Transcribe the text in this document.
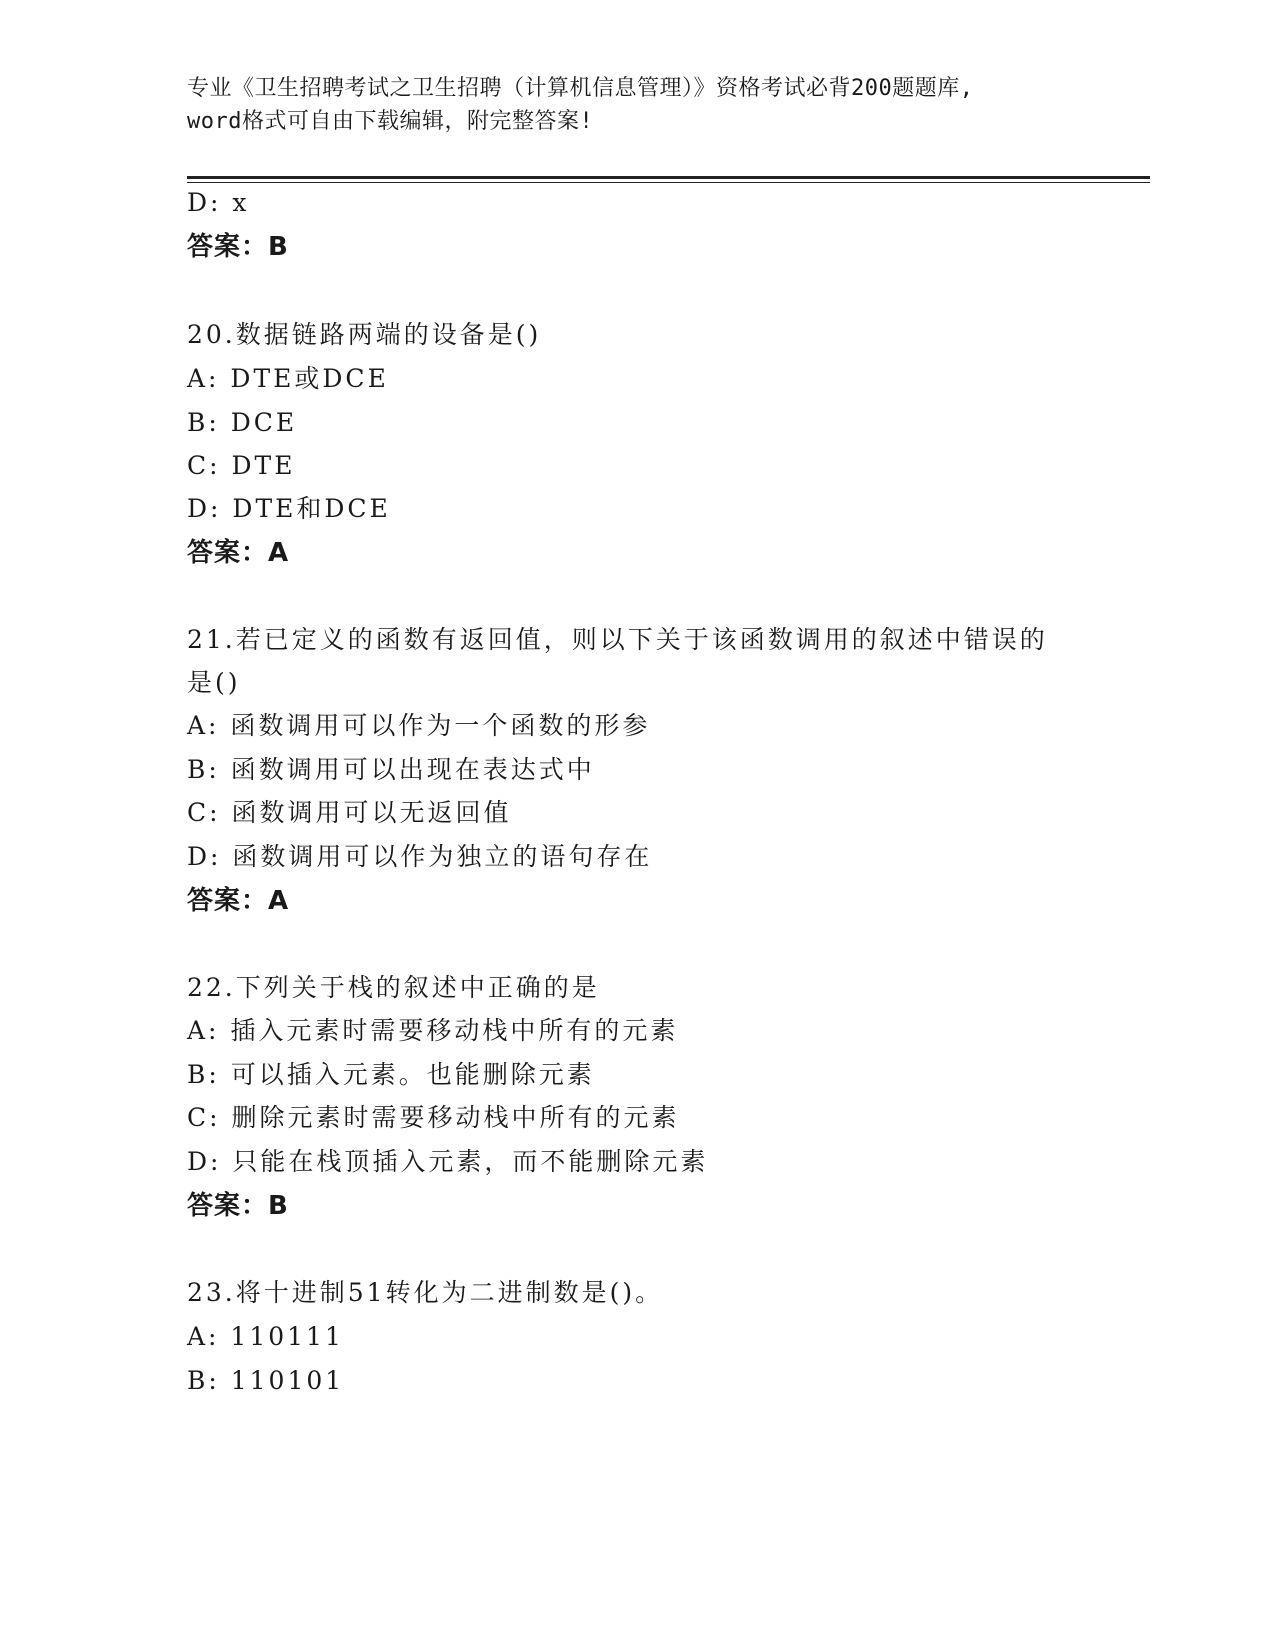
专业《卫生招聘考试之卫生招聘（计算机信息管理）》资格考试必背200题题库,
word格式可自由下载编辑，附完整答案!
D: x
答案：B
20.数据链路两端的设备是()
A: DTE或DCE
B: DCE
C: DTE
D: DTE和DCE
答案：A
21.若已定义的函数有返回值，则以下关于该函数调用的叙述中错误的
是()
A: 函数调用可以作为一个函数的形参
B: 函数调用可以出现在表达式中
C: 函数调用可以无返回值
D: 函数调用可以作为独立的语句存在
答案：A
22.下列关于栈的叙述中正确的是
A: 插入元素时需要移动栈中所有的元素
B: 可以插入元素。也能删除元素
C: 删除元素时需要移动栈中所有的元素
D: 只能在栈顶插入元素，而不能删除元素
答案：B
23.将十进制51转化为二进制数是()。
A: 110111
B: 110101
